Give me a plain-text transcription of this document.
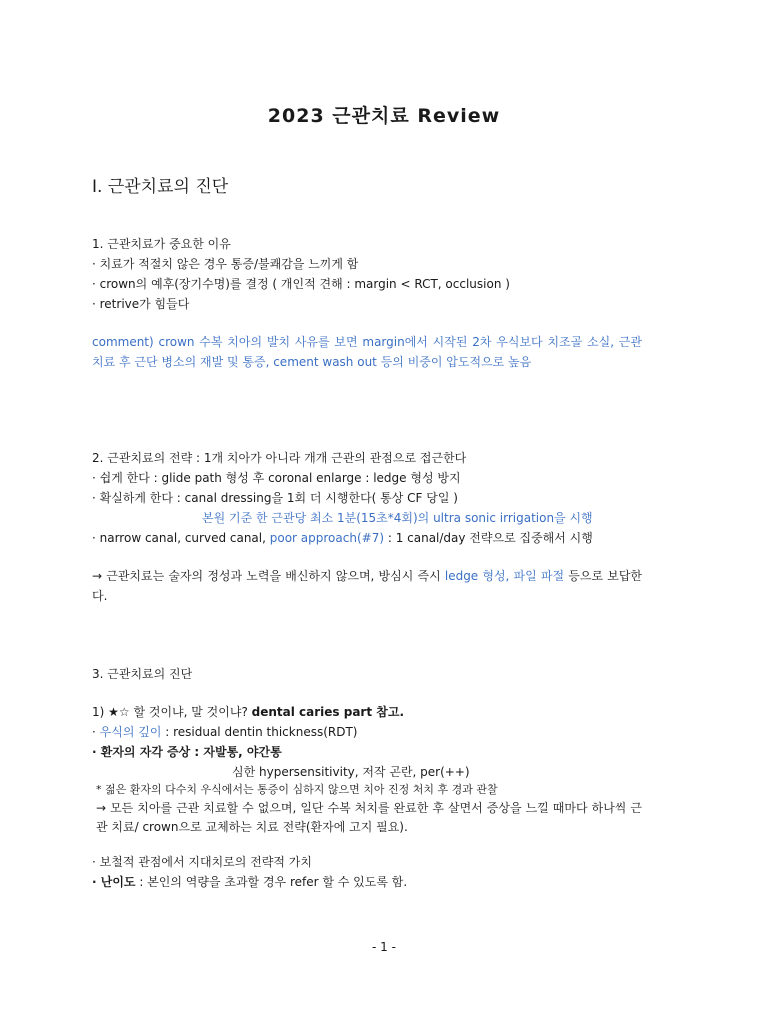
2023 근관치료 Review
I. 근관치료의 진단
1. 근관치료가 중요한 이유
· 치료가 적절치 않은 경우 통증/불쾌감을 느끼게 함
· crown의 예후(장기수명)를 결정 ( 개인적 견해 : margin < RCT, occlusion )
· retrive가 힘들다
comment) crown 수복 치아의 발치 사유를 보면 margin에서 시작된 2차 우식보다 치조골 소실, 근관 치료 후 근단 병소의 재발 및 통증, cement wash out 등의 비중이 압도적으로 높음
2. 근관치료의 전략 : 1개 치아가 아니라 개개 근관의 관점으로 접근한다
· 쉽게 한다 : glide path 형성 후 coronal enlarge : ledge 형성 방지
· 확실하게 한다 : canal dressing을 1회 더 시행한다( 통상 CF 당일 )
본원 기준 한 근관당 최소 1분(15초*4회)의 ultra sonic irrigation을 시행
· narrow canal, curved canal, poor approach(#7) : 1 canal/day 전략으로 집중해서 시행
→ 근관치료는 술자의 정성과 노력을 배신하지 않으며, 방심시 즉시 ledge 형성, 파일 파절 등으로 보답한다.
3. 근관치료의 진단
1) ★☆ 할 것이냐, 말 것이냐? dental caries part 참고.
· 우식의 깊이 : residual dentin thickness(RDT)
· 환자의 자각 증상 : 자발통, 야간통
심한 hypersensitivity, 저작 곤란, per(++)
* 젊은 환자의 다수치 우식에서는 통증이 심하지 않으면 치아 진정 처치 후 경과 관찰
→ 모든 치아를 근관 치료할 수 없으며, 일단 수복 처치를 완료한 후 살면서 증상을 느낄 때마다 하나씩 근관 치료/ crown으로 교체하는 치료 전략(환자에 고지 필요).
· 보철적 관점에서 지대치로의 전략적 가치
· 난이도 : 본인의 역량을 초과할 경우 refer 할 수 있도록 함.
- 1 -
